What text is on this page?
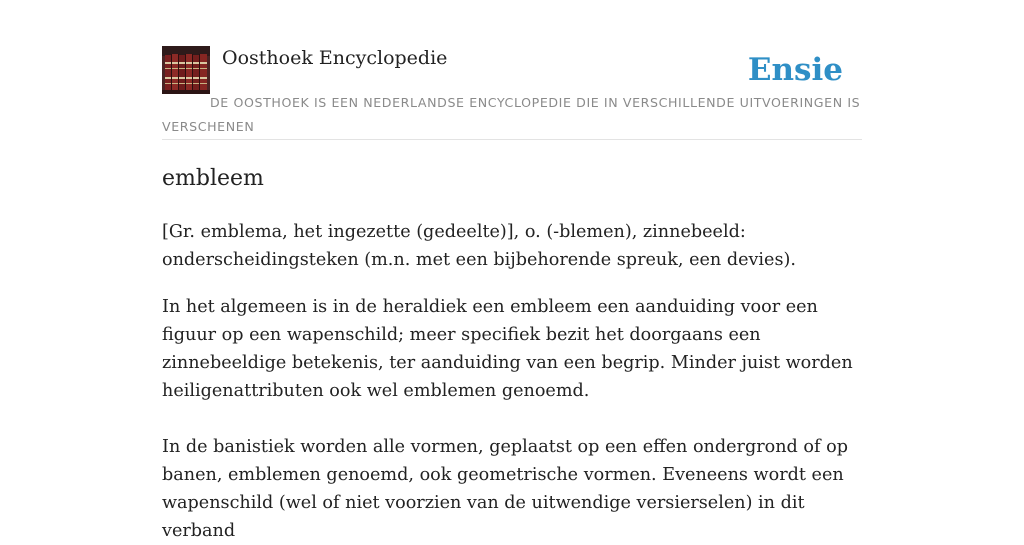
Oosthoek Encyclopedie	Ensie
DE OOSTHOEK IS EEN NEDERLANDSE ENCYCLOPEDIE DIE IN VERSCHILLENDE UITVOERINGEN IS VERSCHENEN
embleem

[Gr. emblema, het ingezette (gedeelte)], o. (-blemen), zinnebeeld: onderscheidingsteken (m.n. met een bijbehorende spreuk, een devies).

In het algemeen is in de heraldiek een embleem een aanduiding voor een figuur op een wapenschild; meer specifiek bezit het doorgaans een zinnebeeldige betekenis, ter aanduiding van een begrip. Minder juist worden heiligenattributen ook wel emblemen genoemd.

In de banistiek worden alle vormen, geplaatst op een effen ondergrond of op banen, emblemen genoemd, ook geometrische vormen. Eveneens wordt een wapenschild (wel of niet voorzien van de uitwendige versierselen) in dit verband
